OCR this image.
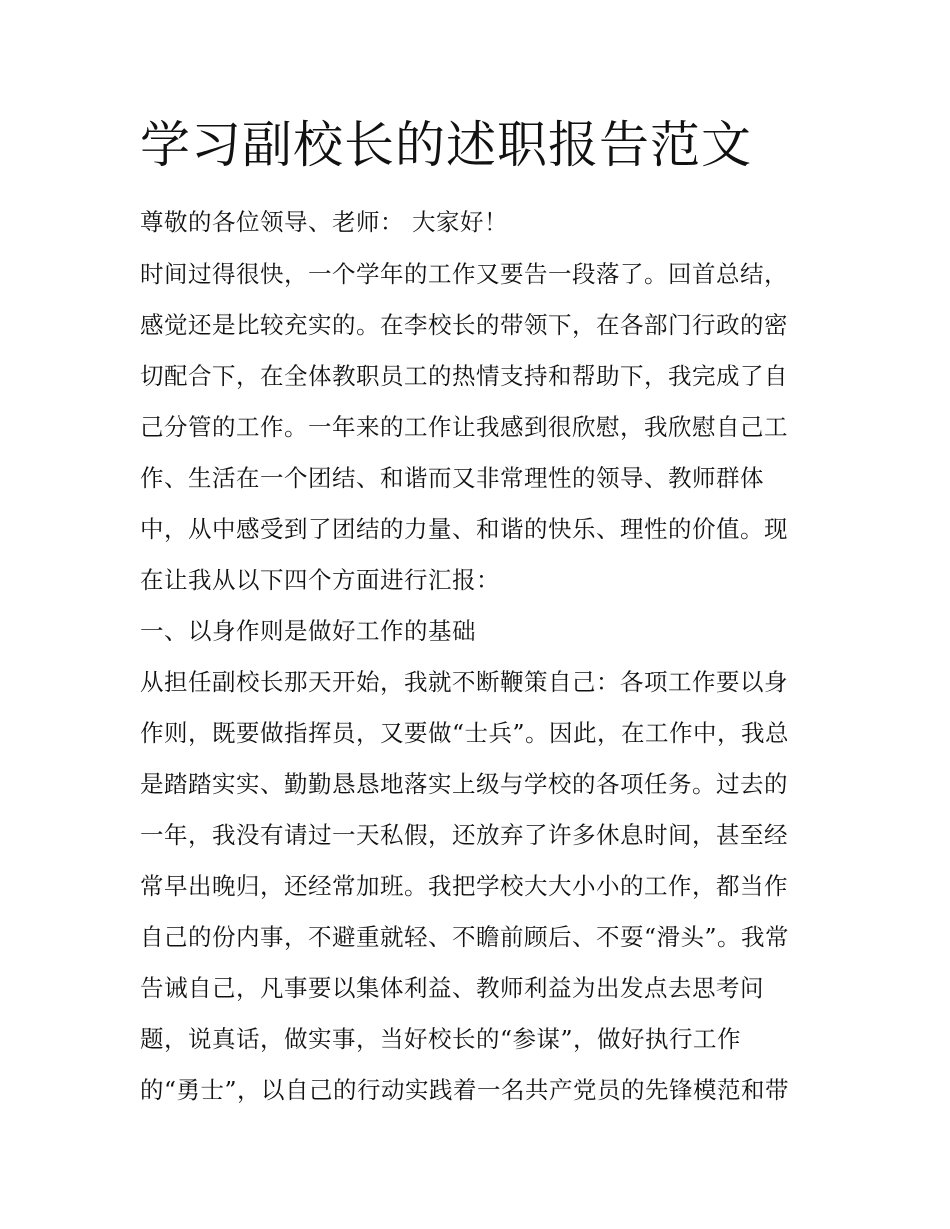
学习副校长的述职报告范文
尊敬的各位领导、老师： 大家好！
时间过得很快，一个学年的工作又要告一段落了。回首总结，
感觉还是比较充实的。在李校长的带领下，在各部门行政的密
切配合下，在全体教职员工的热情支持和帮助下，我完成了自
己分管的工作。一年来的工作让我感到很欣慰，我欣慰自己工
作、生活在一个团结、和谐而又非常理性的领导、教师群体
中，从中感受到了团结的力量、和谐的快乐、理性的价值。现
在让我从以下四个方面进行汇报：
一、以身作则是做好工作的基础
从担任副校长那天开始，我就不断鞭策自己：各项工作要以身
作则，既要做指挥员，又要做“士兵”。因此，在工作中，我总
是踏踏实实、勤勤恳恳地落实上级与学校的各项任务。过去的
一年，我没有请过一天私假，还放弃了许多休息时间，甚至经
常早出晚归，还经常加班。我把学校大大小小的工作，都当作
自己的份内事，不避重就轻、不瞻前顾后、不耍“滑头”。我常
告诫自己，凡事要以集体利益、教师利益为出发点去思考问
题，说真话，做实事，当好校长的“参谋”，做好执行工作
的“勇士”，以自己的行动实践着一名共产党员的先锋模范和带
